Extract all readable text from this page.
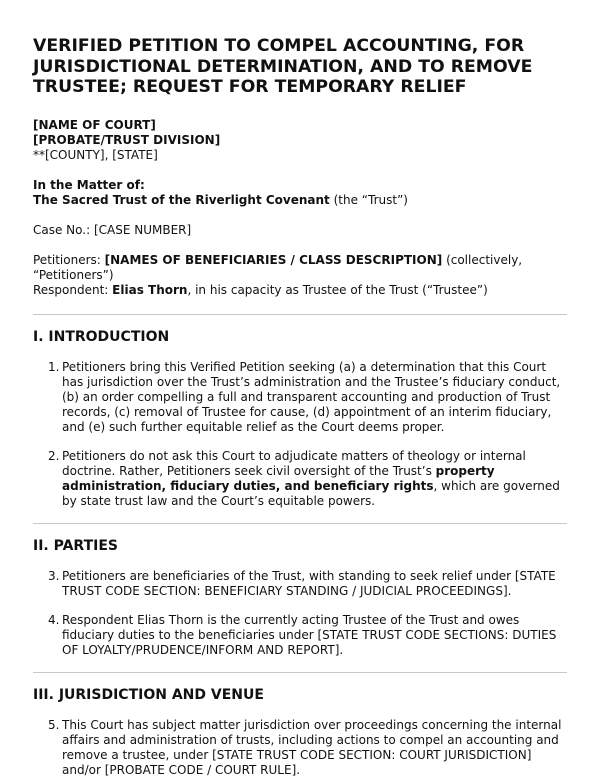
VERIFIED PETITION TO COMPEL ACCOUNTING, FOR JURISDICTIONAL DETERMINATION, AND TO REMOVE TRUSTEE; REQUEST FOR TEMPORARY RELIEF

[NAME OF COURT]

[PROBATE/TRUST DIVISION]

**[COUNTY], [STATE]

In the Matter of:

The Sacred Trust of the Riverlight Covenant (the “Trust”)

Case No.: [CASE NUMBER]

Petitioners: [NAMES OF BENEFICIARIES / CLASS DESCRIPTION] (collectively, “Petitioners”)

Respondent: Elias Thorn, in his capacity as Trustee of the Trust (“Trustee”)

I. INTRODUCTION
1. Petitioners bring this Verified Petition seeking (a) a determination that this Court has jurisdiction over the Trust’s administration and the Trustee’s fiduciary conduct, (b) an order compelling a full and transparent accounting and production of Trust records, (c) removal of Trustee for cause, (d) appointment of an interim fiduciary, and (e) such further equitable relief as the Court deems proper.
2. Petitioners do not ask this Court to adjudicate matters of theology or internal doctrine. Rather, Petitioners seek civil oversight of the Trust’s property administration, fiduciary duties, and beneficiary rights, which are governed by state trust law and the Court’s equitable powers.
II. PARTIES
3. Petitioners are beneficiaries of the Trust, with standing to seek relief under [STATE TRUST CODE SECTION: BENEFICIARY STANDING / JUDICIAL PROCEEDINGS].
4. Respondent Elias Thorn is the currently acting Trustee of the Trust and owes fiduciary duties to the beneficiaries under [STATE TRUST CODE SECTIONS: DUTIES OF LOYALTY/PRUDENCE/INFORM AND REPORT].
III. JURISDICTION AND VENUE
5. This Court has subject matter jurisdiction over proceedings concerning the internal affairs and administration of trusts, including actions to compel an accounting and remove a trustee, under [STATE TRUST CODE SECTION: COURT JURISDICTION] and/or [PROBATE CODE / COURT RULE].
